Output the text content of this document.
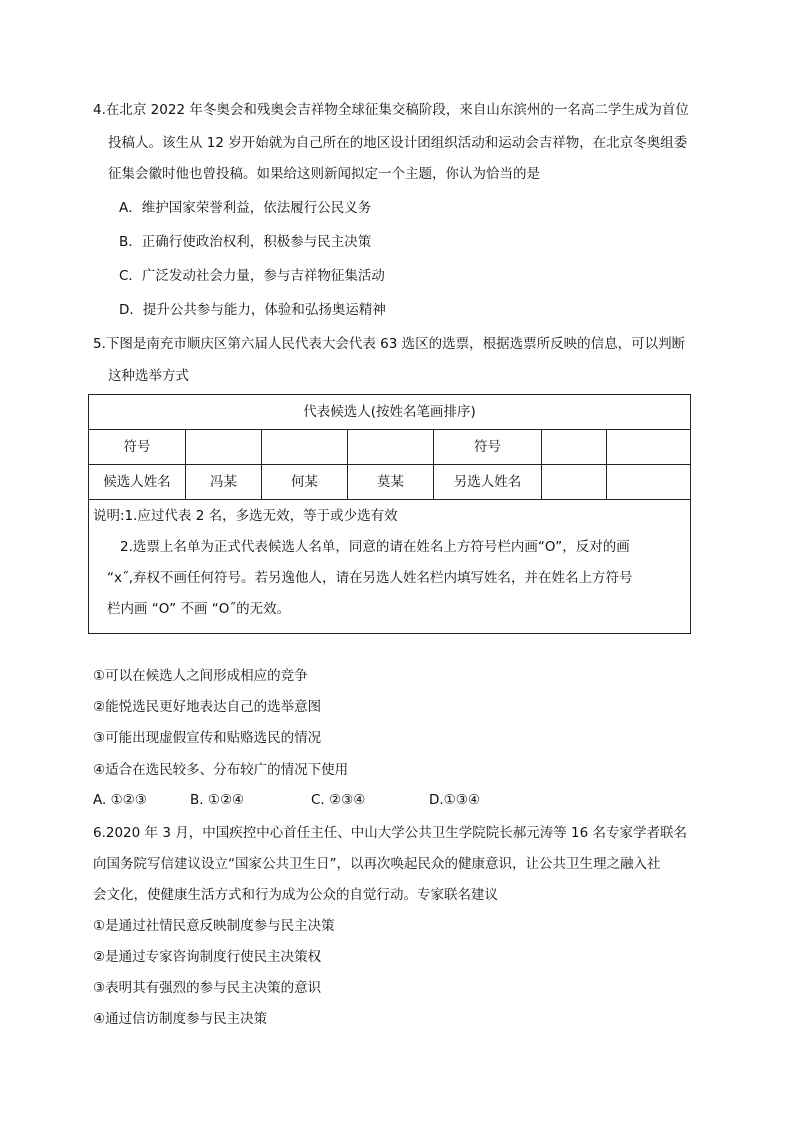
4.在北京 2022 年冬奥会和残奥会吉祥物全球征集交稿阶段，来自山东滨州的一名高二学生成为首位
投稿人。该生从 12 岁开始就为自己所在的地区设计团组织活动和运动会吉祥物，在北京冬奥组委
征集会徽时他也曾投稿。如果给这则新闻拟定一个主题，你认为恰当的是
A．维护国家荣誉利益，依法履行公民义务
B．正确行使政治权利，积极参与民主决策
C．广泛发动社会力量，参与吉祥物征集活动
D．提升公共参与能力，体验和弘扬奥运精神
5.下图是南充市顺庆区第六届人民代表大会代表 63 选区的选票，根据选票所反映的信息，可以判断
这种选举方式
代表候选人(按姓名笔画排序)						
符号				符号		
候选人姓名	冯某	何某	莫某	另选人姓名		

说明:1.应过代表 2 名，多选无效，等于或少选有效
2.选票上名单为正式代表候选人名单，同意的请在姓名上方符号栏内画“O”，反对的画
“x˝,弃权不画任何符号。若另逸他人，请在另选人姓名栏内填写姓名，并在姓名上方符号
栏内画 “O” 不画 “O˝的无效。						
①可以在候选人之间形成相应的竞争
②能悦选民更好地表达自己的选举意图
③可能出现虚假宣传和贴赂选民的情况
④适合在选民较多、分布较广的情况下使用
A. ①②③	B. ①②④	C. ②③④	D.①③④
6.2020 年 3 月，中国疾控中心首任主任、中山大学公共卫生学院院长郝元涛等 16 名专家学者联名
向国务院写信建议设立“国家公共卫生日”，以再次唤起民众的健康意识，让公共卫生理之融入社
会文化，使健康生活方式和行为成为公众的自觉行动。专家联名建议
①是通过社情民意反映制度参与民主决策
②是通过专家咨询制度行使民主决策权
③表明其有强烈的参与民主决策的意识
④通过信访制度参与民主决策
